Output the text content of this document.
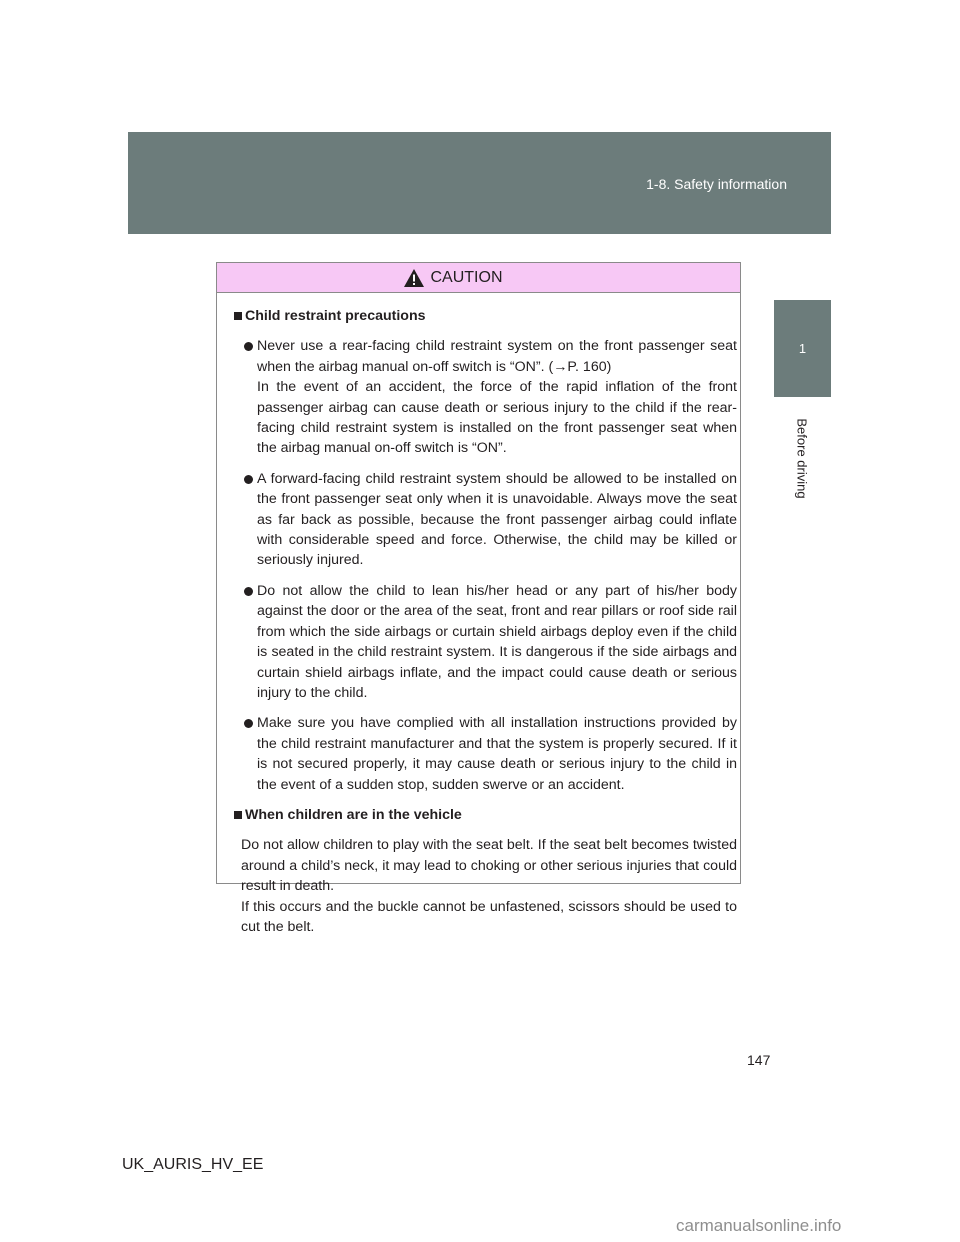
1-8. Safety information
1
Before driving
CAUTION

Child restraint precautions

Never use a rear-facing child restraint system on the front passenger seat when the airbag manual on-off switch is “ON”. (→P. 160)
In the event of an accident, the force of the rapid inflation of the front passenger airbag can cause death or serious injury to the child if the rear-facing child restraint system is installed on the front passenger seat when the airbag manual on-off switch is “ON”.
A forward-facing child restraint system should be allowed to be installed on the front passenger seat only when it is unavoidable. Always move the seat as far back as possible, because the front passenger airbag could inflate with considerable speed and force. Otherwise, the child may be killed or seriously injured.
Do not allow the child to lean his/her head or any part of his/her body against the door or the area of the seat, front and rear pillars or roof side rail from which the side airbags or curtain shield airbags deploy even if the child is seated in the child restraint system. It is dangerous if the side airbags and curtain shield airbags inflate, and the impact could cause death or serious injury to the child.
Make sure you have complied with all installation instructions provided by the child restraint manufacturer and that the system is properly secured. If it is not secured properly, it may cause death or serious injury to the child in the event of a sudden stop, sudden swerve or an accident.

When children are in the vehicle

Do not allow children to play with the seat belt. If the seat belt becomes twisted around a child’s neck, it may lead to choking or other serious injuries that could result in death.
If this occurs and the buckle cannot be unfastened, scissors should be used to cut the belt.
147
UK_AURIS_HV_EE
carmanualsonline.info
